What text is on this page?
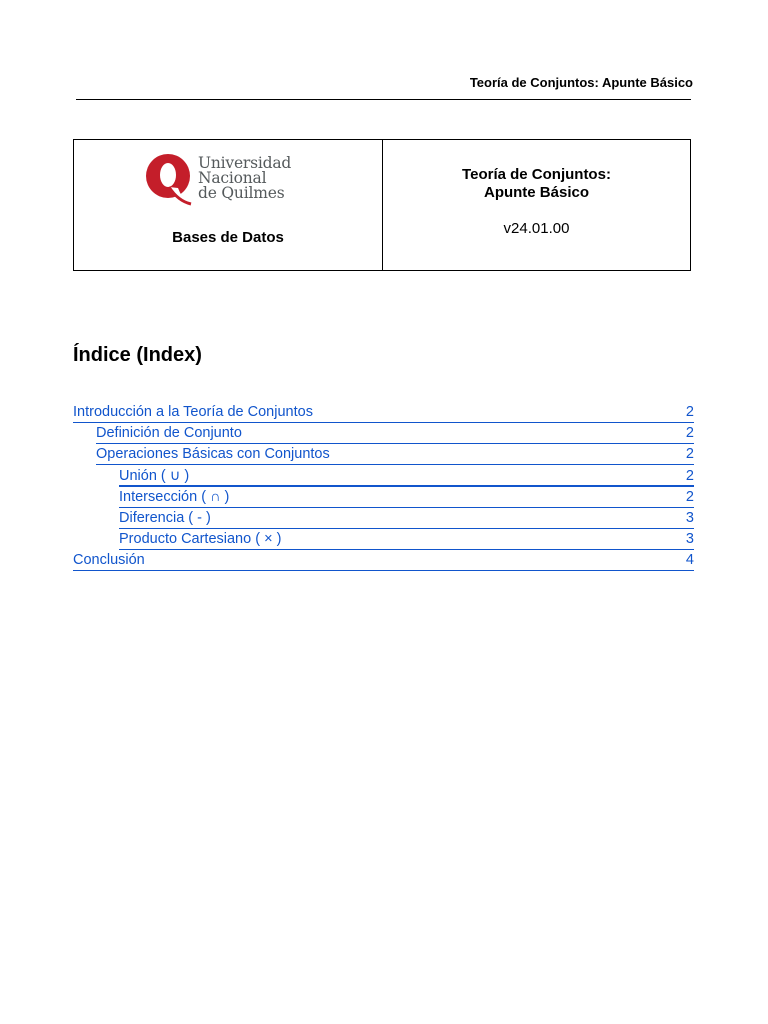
Teoría de Conjuntos: Apunte Básico
Universidad
Nacional
de Quilmes
Bases de Datos
Teoría de Conjuntos:
Apunte Básico
v24.01.00
Índice (Index)
Introducción a la Teoría de Conjuntos	2
Definición de Conjunto	2
Operaciones Básicas con Conjuntos	2
Unión ( ∪ )	2
Intersección ( ∩ )	2
Diferencia ( - )	3
Producto Cartesiano ( × )	3
Conclusión	4
